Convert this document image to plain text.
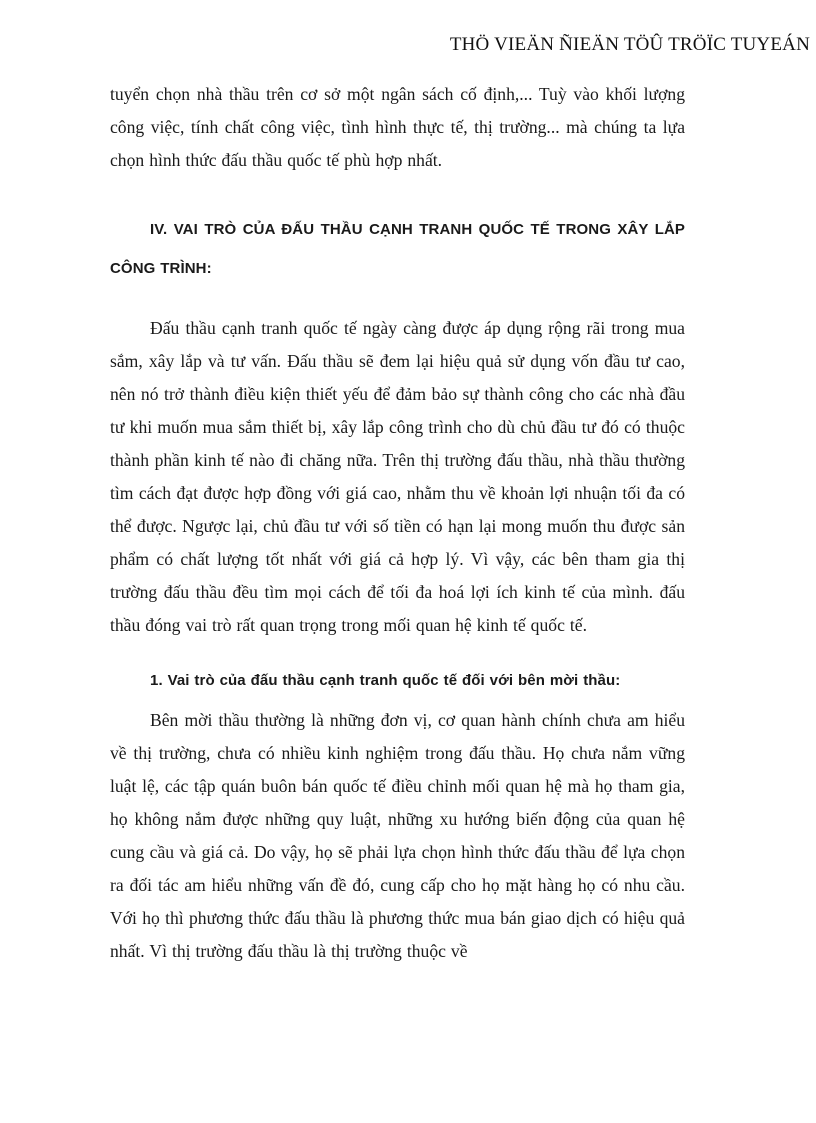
THÖ VIEÄN ÑIEÄN TÖÛ TRÖÏC TUYEÁN

tuyển chọn nhà thầu trên cơ sở một ngân sách cố định,... Tuỳ vào khối lượng công việc, tính chất công việc, tình hình thực tế, thị trường... mà chúng ta lựa chọn hình thức đấu thầu quốc tế phù hợp nhất.

IV. VAI TRÒ CỦA ĐẤU THẦU CẠNH TRANH QUỐC TẾ TRONG XÂY LẮP CÔNG TRÌNH:

Đấu thầu cạnh tranh quốc tế ngày càng được áp dụng rộng rãi trong mua sắm, xây lắp và tư vấn. Đấu thầu sẽ đem lại hiệu quả sử dụng vốn đầu tư cao, nên nó trở thành điều kiện thiết yếu để đảm bảo sự thành công cho các nhà đầu tư khi muốn mua sắm thiết bị, xây lắp công trình cho dù chủ đầu tư đó có thuộc thành phần kinh tế nào đi chăng nữa. Trên thị trường đấu thầu, nhà thầu thường tìm cách đạt được hợp đồng với giá cao, nhằm thu về khoản lợi nhuận tối đa có thể được. Ngược lại, chủ đầu tư với số tiền có hạn lại mong muốn thu được sản phẩm có chất lượng tốt nhất với giá cả hợp lý. Vì vậy, các bên tham gia thị trường đấu thầu đều tìm mọi cách để tối đa hoá lợi ích kinh tế của mình. đấu thầu đóng vai trò rất quan trọng trong mối quan hệ kinh tế quốc tế.

1. Vai trò của đấu thầu cạnh tranh quốc tế đối với bên mời thầu:

Bên mời thầu thường là những đơn vị, cơ quan hành chính chưa am hiểu về thị trường, chưa có nhiều kinh nghiệm trong đấu thầu. Họ chưa nắm vững luật lệ, các tập quán buôn bán quốc tế điều chỉnh mối quan hệ mà họ tham gia, họ không nắm được những quy luật, những xu hướng biến động của quan hệ cung cầu và giá cả. Do vậy, họ sẽ phải lựa chọn hình thức đấu thầu để lựa chọn ra đối tác am hiểu những vấn đề đó, cung cấp cho họ mặt hàng họ có nhu cầu. Với họ thì phương thức đấu thầu là phương thức mua bán giao dịch có hiệu quả nhất. Vì thị trường đấu thầu là thị trường thuộc về
